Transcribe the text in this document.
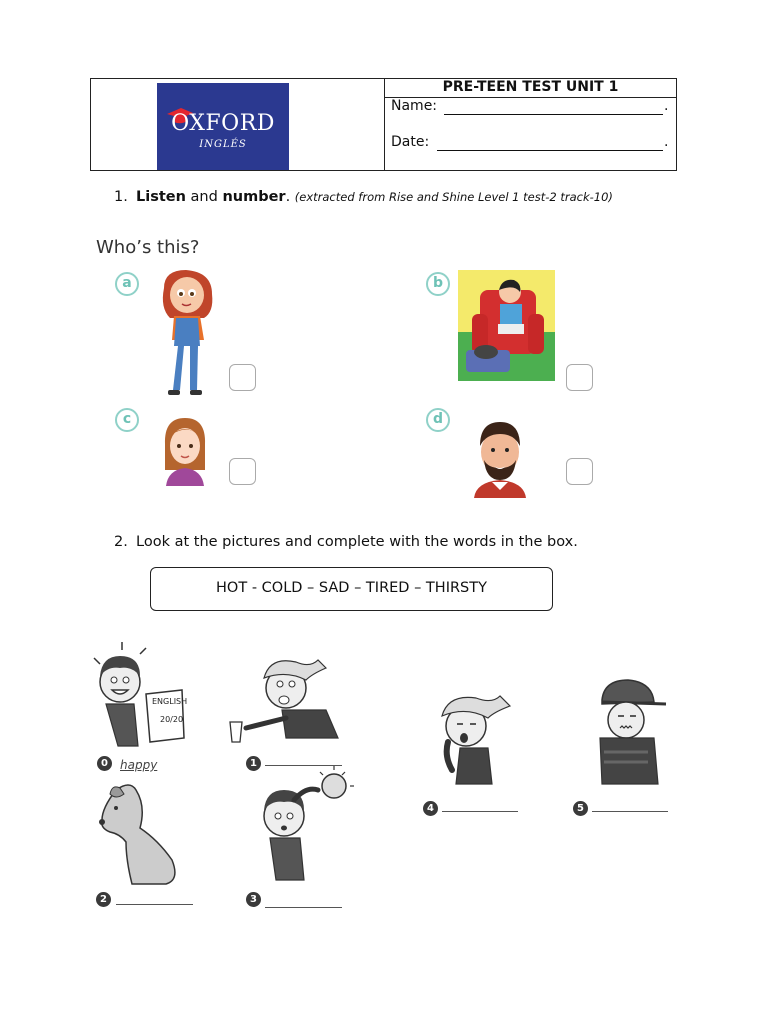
OXFORD
INGLÉS
PRE-TEEN TEST UNIT 1
Name:	.
Date:	.
1. Listen and number. (extracted from Rise and Shine Level 1 test-2 track-10)
Who’s this?
a	b
c	d
2. Look at the pictures and complete with the words in the box.
HOT - COLD – SAD – TIRED – THIRSTY
ENGLISH
20/20
0	happy	1
2	3
4	5
